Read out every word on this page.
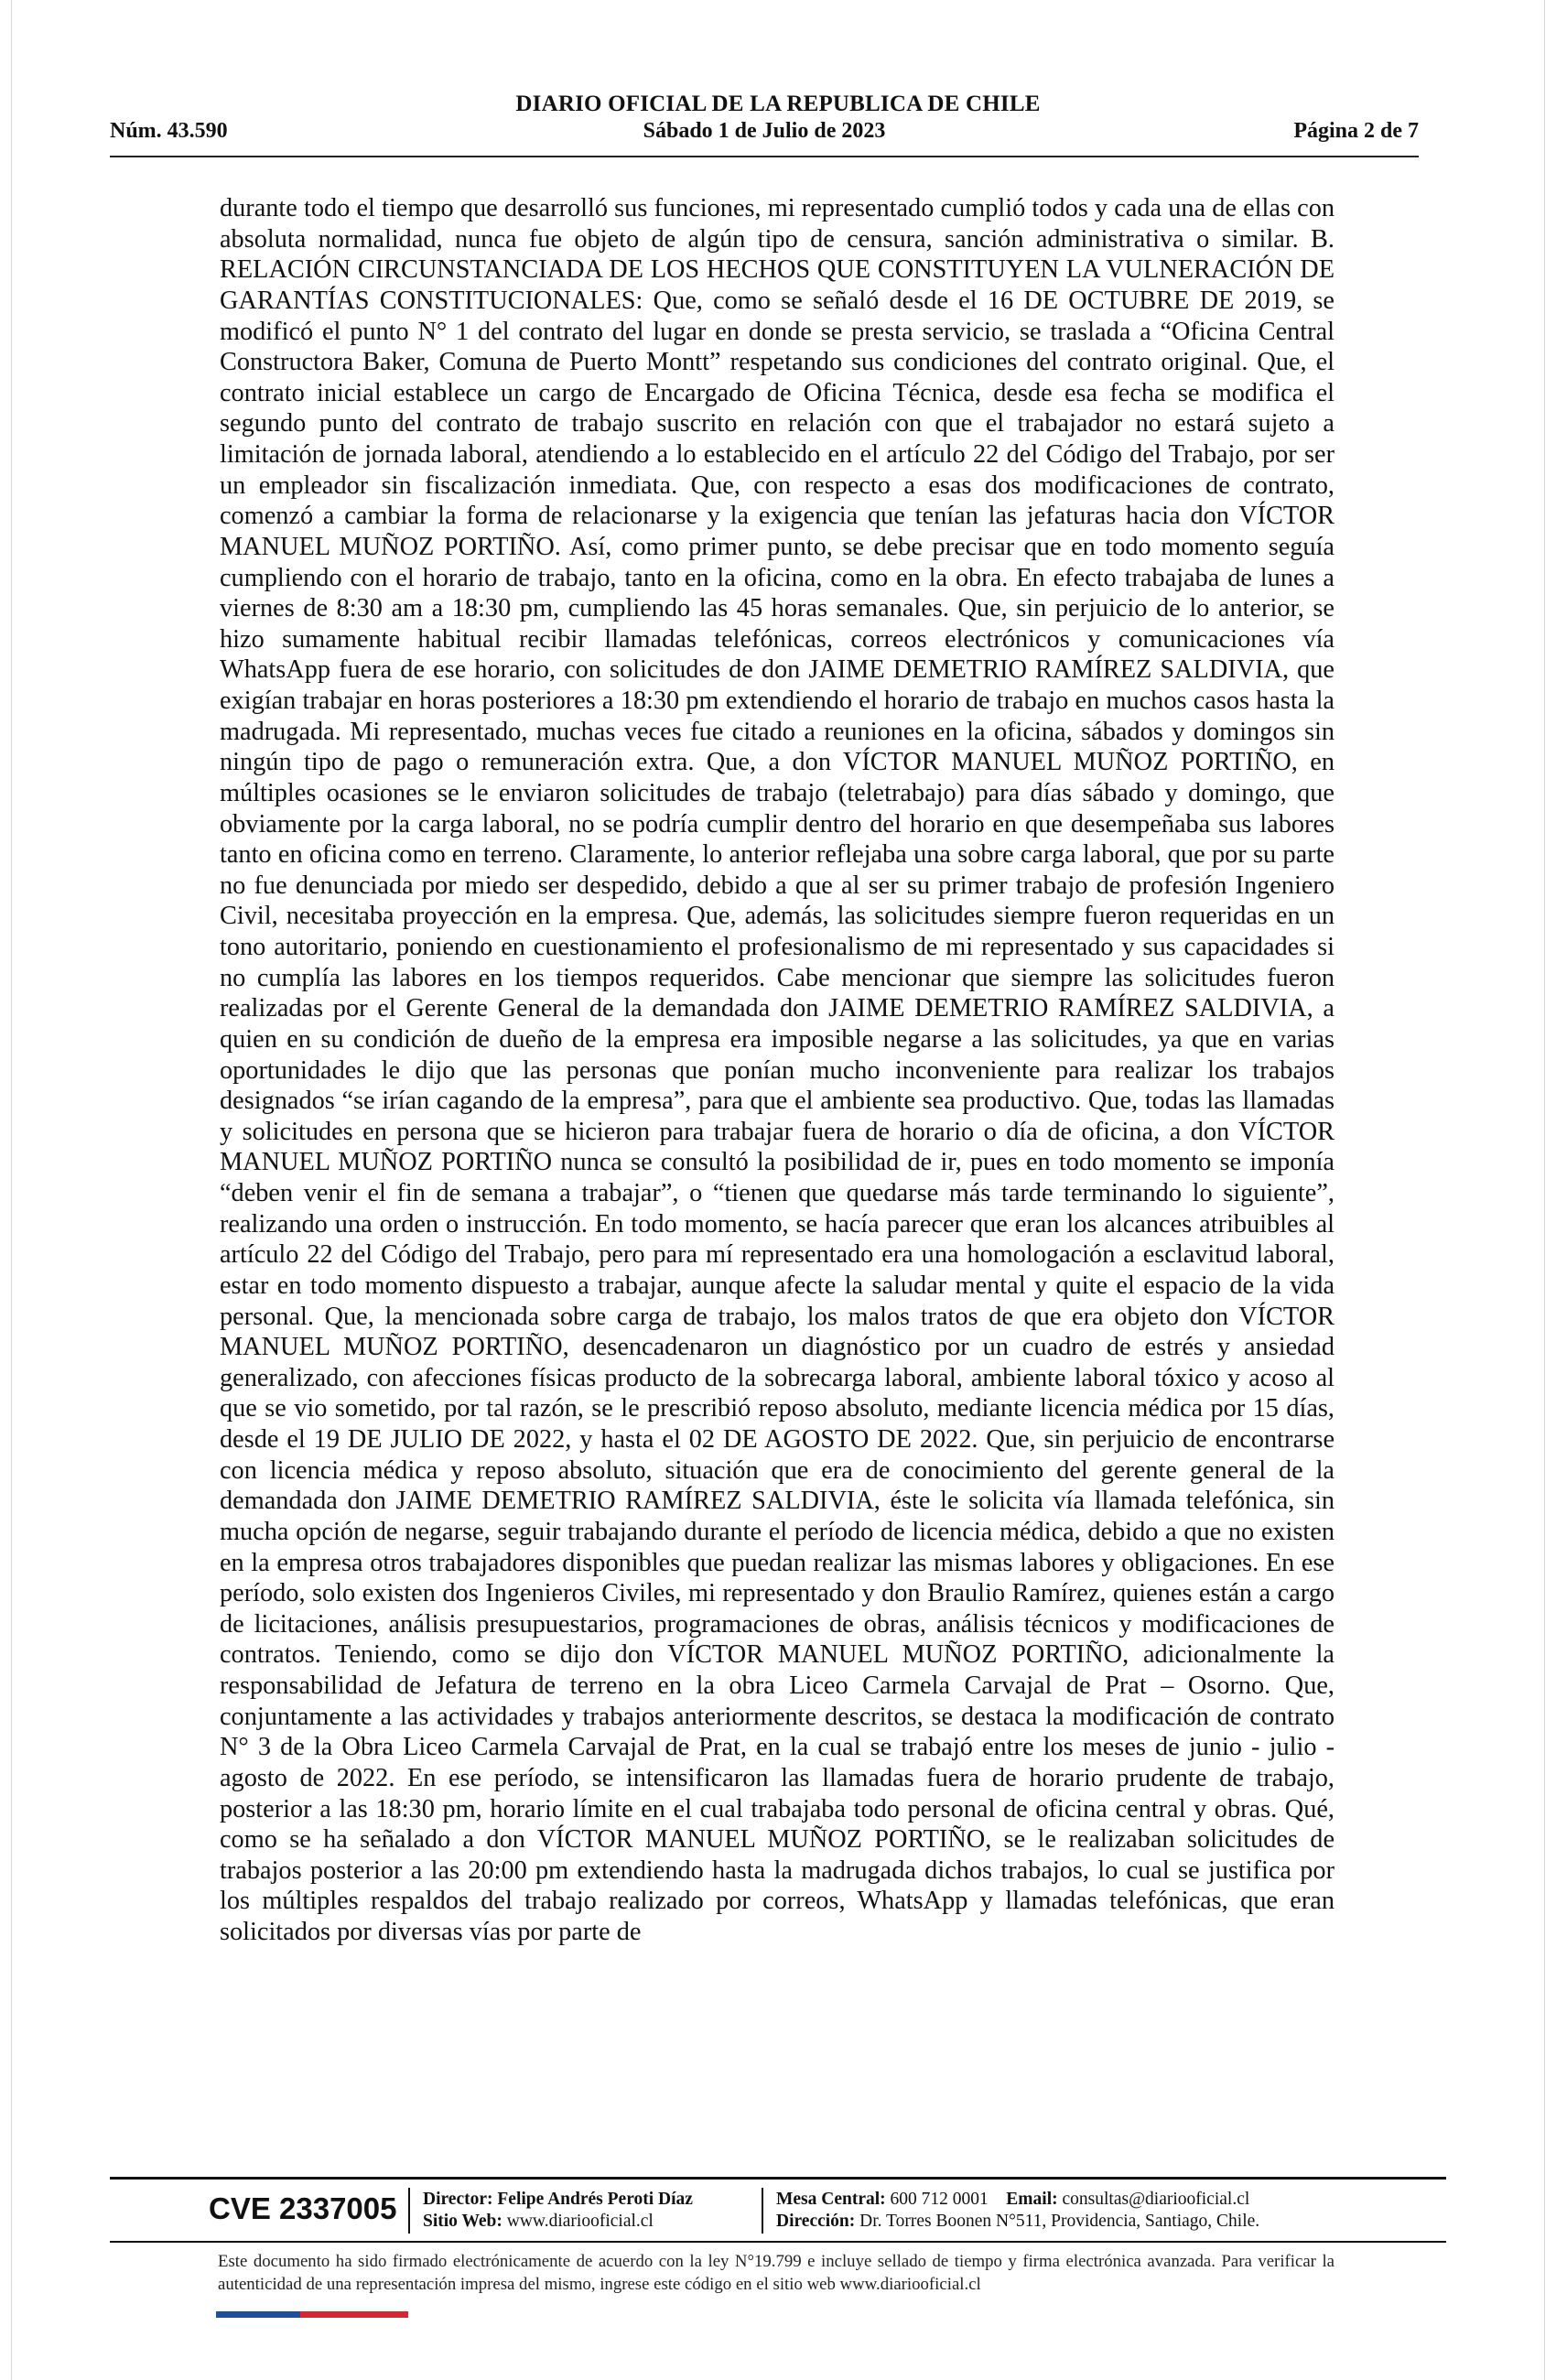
DIARIO OFICIAL DE LA REPUBLICA DE CHILE
Núm. 43.590	Sábado 1 de Julio de 2023	Página 2 de 7
durante todo el tiempo que desarrolló sus funciones, mi representado cumplió todos y cada una de ellas con absoluta normalidad, nunca fue objeto de algún tipo de censura, sanción administrativa o similar. B. RELACIÓN CIRCUNSTANCIADA DE LOS HECHOS QUE CONSTITUYEN LA VULNERACIÓN DE GARANTÍAS CONSTITUCIONALES: Que, como se señaló desde el 16 DE OCTUBRE DE 2019, se modificó el punto N° 1 del contrato del lugar en donde se presta servicio, se traslada a “Oficina Central Constructora Baker, Comuna de Puerto Montt” respetando sus condiciones del contrato original. Que, el contrato inicial establece un cargo de Encargado de Oficina Técnica, desde esa fecha se modifica el segundo punto del contrato de trabajo suscrito en relación con que el trabajador no estará sujeto a limitación de jornada laboral, atendiendo a lo establecido en el artículo 22 del Código del Trabajo, por ser un empleador sin fiscalización inmediata. Que, con respecto a esas dos modificaciones de contrato, comenzó a cambiar la forma de relacionarse y la exigencia que tenían las jefaturas hacia don VÍCTOR MANUEL MUÑOZ PORTIÑO. Así, como primer punto, se debe precisar que en todo momento seguía cumpliendo con el horario de trabajo, tanto en la oficina, como en la obra. En efecto trabajaba de lunes a viernes de 8:30 am a 18:30 pm, cumpliendo las 45 horas semanales. Que, sin perjuicio de lo anterior, se hizo sumamente habitual recibir llamadas telefónicas, correos electrónicos y comunicaciones vía WhatsApp fuera de ese horario, con solicitudes de don JAIME DEMETRIO RAMÍREZ SALDIVIA, que exigían trabajar en horas posteriores a 18:30 pm extendiendo el horario de trabajo en muchos casos hasta la madrugada. Mi representado, muchas veces fue citado a reuniones en la oficina, sábados y domingos sin ningún tipo de pago o remuneración extra. Que, a don VÍCTOR MANUEL MUÑOZ PORTIÑO, en múltiples ocasiones se le enviaron solicitudes de trabajo (teletrabajo) para días sábado y domingo, que obviamente por la carga laboral, no se podría cumplir dentro del horario en que desempeñaba sus labores tanto en oficina como en terreno. Claramente, lo anterior reflejaba una sobre carga laboral, que por su parte no fue denunciada por miedo ser despedido, debido a que al ser su primer trabajo de profesión Ingeniero Civil, necesitaba proyección en la empresa. Que, además, las solicitudes siempre fueron requeridas en un tono autoritario, poniendo en cuestionamiento el profesionalismo de mi representado y sus capacidades si no cumplía las labores en los tiempos requeridos. Cabe mencionar que siempre las solicitudes fueron realizadas por el Gerente General de la demandada don JAIME DEMETRIO RAMÍREZ SALDIVIA, a quien en su condición de dueño de la empresa era imposible negarse a las solicitudes, ya que en varias oportunidades le dijo que las personas que ponían mucho inconveniente para realizar los trabajos designados “se irían cagando de la empresa”, para que el ambiente sea productivo. Que, todas las llamadas y solicitudes en persona que se hicieron para trabajar fuera de horario o día de oficina, a don VÍCTOR MANUEL MUÑOZ PORTIÑO nunca se consultó la posibilidad de ir, pues en todo momento se imponía “deben venir el fin de semana a trabajar”, o “tienen que quedarse más tarde terminando lo siguiente”, realizando una orden o instrucción. En todo momento, se hacía parecer que eran los alcances atribuibles al artículo 22 del Código del Trabajo, pero para mí representado era una homologación a esclavitud laboral, estar en todo momento dispuesto a trabajar, aunque afecte la saludar mental y quite el espacio de la vida personal. Que, la mencionada sobre carga de trabajo, los malos tratos de que era objeto don VÍCTOR MANUEL MUÑOZ PORTIÑO, desencadenaron un diagnóstico por un cuadro de estrés y ansiedad generalizado, con afecciones físicas producto de la sobrecarga laboral, ambiente laboral tóxico y acoso al que se vio sometido, por tal razón, se le prescribió reposo absoluto, mediante licencia médica por 15 días, desde el 19 DE JULIO DE 2022, y hasta el 02 DE AGOSTO DE 2022. Que, sin perjuicio de encontrarse con licencia médica y reposo absoluto, situación que era de conocimiento del gerente general de la demandada don JAIME DEMETRIO RAMÍREZ SALDIVIA, éste le solicita vía llamada telefónica, sin mucha opción de negarse, seguir trabajando durante el período de licencia médica, debido a que no existen en la empresa otros trabajadores disponibles que puedan realizar las mismas labores y obligaciones. En ese período, solo existen dos Ingenieros Civiles, mi representado y don Braulio Ramírez, quienes están a cargo de licitaciones, análisis presupuestarios, programaciones de obras, análisis técnicos y modificaciones de contratos. Teniendo, como se dijo don VÍCTOR MANUEL MUÑOZ PORTIÑO, adicionalmente la responsabilidad de Jefatura de terreno en la obra Liceo Carmela Carvajal de Prat – Osorno. Que, conjuntamente a las actividades y trabajos anteriormente descritos, se destaca la modificación de contrato N° 3 de la Obra Liceo Carmela Carvajal de Prat, en la cual se trabajó entre los meses de junio - julio - agosto de 2022. En ese período, se intensificaron las llamadas fuera de horario prudente de trabajo, posterior a las 18:30 pm, horario límite en el cual trabajaba todo personal de oficina central y obras. Qué, como se ha señalado a don VÍCTOR MANUEL MUÑOZ PORTIÑO, se le realizaban solicitudes de trabajos posterior a las 20:00 pm extendiendo hasta la madrugada dichos trabajos, lo cual se justifica por los múltiples respaldos del trabajo realizado por correos, WhatsApp y llamadas telefónicas, que eran solicitados por diversas vías por parte de
CVE 2337005 Director: Felipe Andrés Peroti Díaz
Sitio Web: www.diariooficial.cl
Mesa Central: 600 712 0001 Email: consultas@diariooficial.cl
Dirección: Dr. Torres Boonen N°511, Providencia, Santiago, Chile.
Este documento ha sido firmado electrónicamente de acuerdo con la ley N°19.799 e incluye sellado de tiempo y firma electrónica avanzada. Para verificar la autenticidad de una representación impresa del mismo, ingrese este código en el sitio web www.diariooficial.cl
